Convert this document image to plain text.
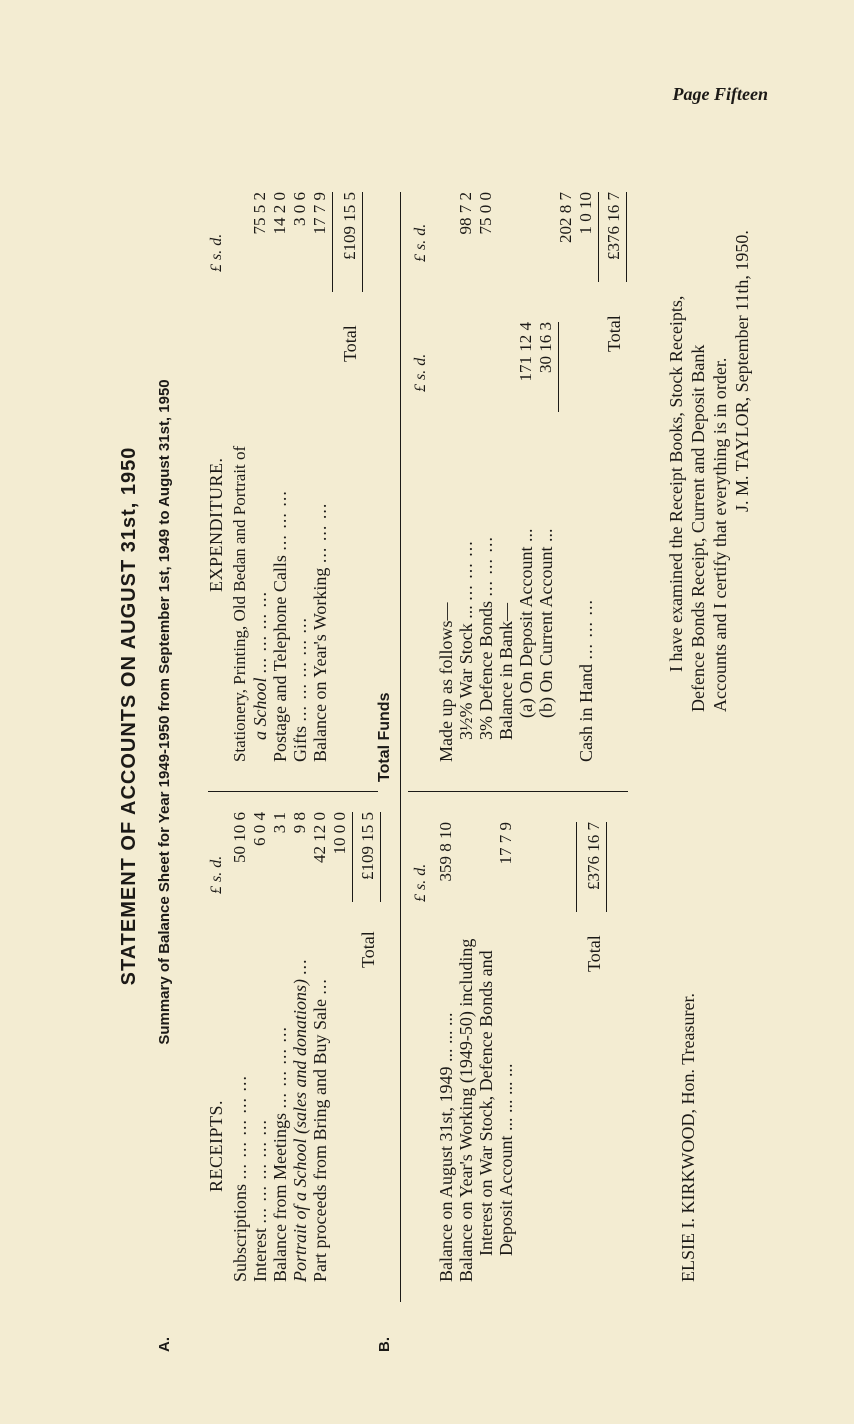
Page Fifteen
STATEMENT OF ACCOUNTS ON AUGUST 31st, 1950
A.Summary of Balance Sheet for Year 1949-1950 from September 1st, 1949 to August 31st, 1950
RECEIPTS.
£ s. d.
Subscriptions ... ... ... ... ...
50 10 6
Interest ... ... ... ... ...
6 0 4
Balance from Meetings ... ... ... ...
3 1
Portrait of a School (sales and donations) ...
9 8
Part proceeds from Bring and Buy Sale ...
42 12 0 10 0 0
Total
£109 15 5
EXPENDITURE.
£ s. d.
Stationery, Printing, Old Bedan and Portrait of a School ... ... ... ...
75 5 2
Postage and Telephone Calls ... ... ...
14 2 0
Gifts ... ... ... ... ...
3 0 6
Balance on Year's Working ... ... ...
17 7 9
Total
£109 15 5
B.
Total Funds
£ s. d.
Balance on August 31st, 1949 ... ... ...
359 8 10
Balance on Year's Working (1949-50) including Interest on War Stock, Defence Bonds and Deposit Account ... ... ... ...
17 7 9
Total
£376 16 7
£ s. d.
£ s. d.
Made up as follows— 3½% War Stock ... ... ... ...
98 7 2
3% Defence Bonds ... ... ...
75 0 0
Balance in Bank— (a) On Deposit Account ...
171 12 4
(b) On Current Account ...
30 16 3
202 8 7
Cash in Hand ... ... ...
1 0 10
Total
£376 16 7
ELSIE I. KIRKWOOD, Hon. Treasurer.
I have examined the Receipt Books, Stock Receipts, Defence Bonds Receipt, Current and Deposit Bank Accounts and I certify that everything is in order. J. M. TAYLOR, September 11th, 1950.
